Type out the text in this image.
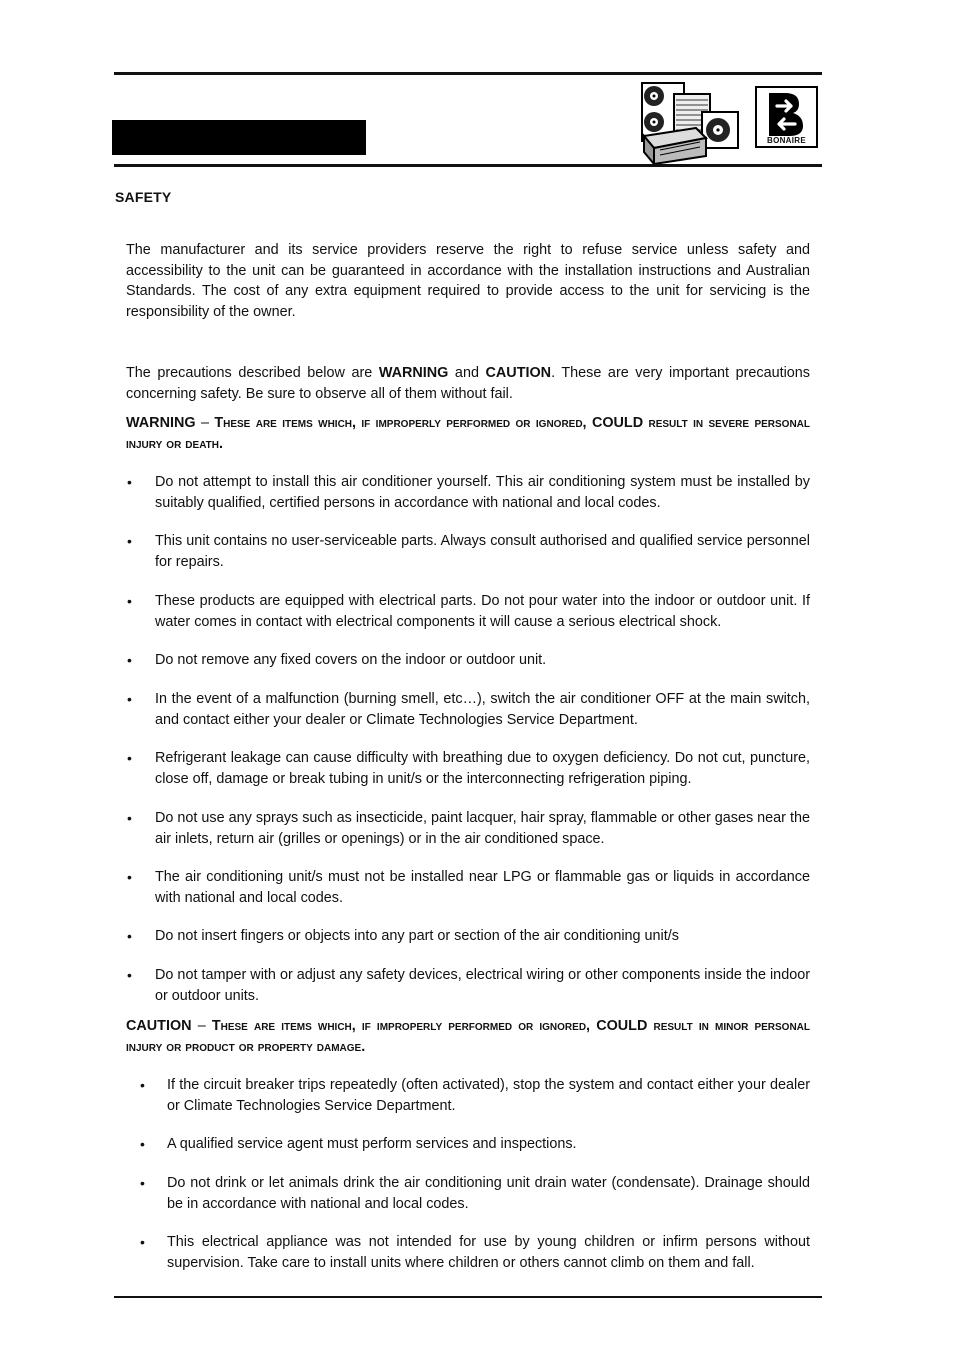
BONAIRE
SAFETY

The manufacturer and its service providers reserve the right to refuse service unless safety and accessibility to the unit can be guaranteed in accordance with the installation instructions and Australian Standards. The cost of any extra equipment required to provide access to the unit for servicing is the responsibility of the owner.

The precautions described below are WARNING and CAUTION. These are very important precautions concerning safety. Be sure to observe all of them without fail.

WARNING – These are items which, if improperly performed or ignored, COULD result in severe personal injury or death.

• Do not attempt to install this air conditioner yourself. This air conditioning system must be installed by suitably qualified, certified persons in accordance with national and local codes.
• This unit contains no user-serviceable parts. Always consult authorised and qualified service personnel for repairs.
• These products are equipped with electrical parts. Do not pour water into the indoor or outdoor unit. If water comes in contact with electrical components it will cause a serious electrical shock.
• Do not remove any fixed covers on the indoor or outdoor unit.
• In the event of a malfunction (burning smell, etc…), switch the air conditioner OFF at the main switch, and contact either your dealer or Climate Technologies Service Department.
• Refrigerant leakage can cause difficulty with breathing due to oxygen deficiency. Do not cut, puncture, close off, damage or break tubing in unit/s or the interconnecting refrigeration piping.
• Do not use any sprays such as insecticide, paint lacquer, hair spray, flammable or other gases near the air inlets, return air (grilles or openings) or in the air conditioned space.
• The air conditioning unit/s must not be installed near LPG or flammable gas or liquids in accordance with national and local codes.
• Do not insert fingers or objects into any part or section of the air conditioning unit/s
• Do not tamper with or adjust any safety devices, electrical wiring or other components inside the indoor or outdoor units.

CAUTION – These are items which, if improperly performed or ignored, COULD result in minor personal injury or product or property damage.

• If the circuit breaker trips repeatedly (often activated), stop the system and contact either your dealer or Climate Technologies Service Department.
• A qualified service agent must perform services and inspections.
• Do not drink or let animals drink the air conditioning unit drain water (condensate). Drainage should be in accordance with national and local codes.
• This electrical appliance was not intended for use by young children or infirm persons without supervision. Take care to install units where children or others cannot climb on them and fall.
